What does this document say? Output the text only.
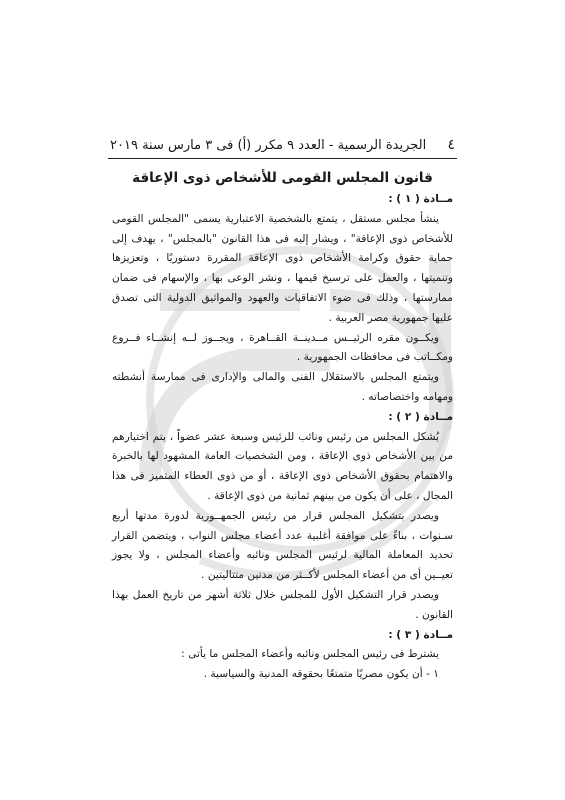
٤
الجريدة الرسمية - العدد ٩ مكرر (أ) فى ٣ مارس سنة ٢٠١٩
قانون المجلس القومى للأشخاص ذوى الإعاقة

مــادة ( ١ ) :

ينشأ مجلس مستقل ، يتمتع بالشخصية الاعتبارية يسمى "المجلس القومى للأشخاص ذوى الإعاقة" ، ويشار إليه فى هذا القانون "بالمجلس" ، يهدف إلى حماية حقوق وكرامة الأشخاص ذوى الإعاقة المقررة دستوريًا ، وتعزيزها وتنميتها ، والعمل على ترسيخ قيمها ، ونشر الوعى بها ، والإسهام فى ضمان ممارستها ، وذلك فى ضوء الاتفاقيات والعهود والمواثيق الدولية التى تصدق عليها جمهورية مصر العربية .

ويكــون مقره الرئيــس مــدينــة القــاهرة ، ويجــوز لــه إنشــاء فــروع ومكــاتب فى محافظات الجمهورية .

ويتمتع المجلس بالاستقلال الفنى والمالى والإدارى فى ممارسة أنشطته ومهامه واختصاصاته .

مــادة ( ٢ ) :

يُشكل المجلس من رئيس ونائب للرئيس وسبعة عشر عضواً ، يتم اختيارهم من بين الأشخاص ذوى الإعاقة ، ومن الشخصيات العامة المشهود لها بالخبرة والاهتمام بحقوق الأشخاص ذوى الإعاقة ، أو من ذوى العطاء المتميز فى هذا المجال ، على أن يكون من بينهم ثمانية من ذوى الإعاقة .

ويصدر بتشكيل المجلس قرار من رئيس الجمهــورية لدورة مدتها أربع سـنوات ، بناءً على موافقة أغلبية عدد أعضاء مجلس النواب ، ويتضمن القرار تحديد المعاملة المالية لرئيس المجلس ونائبه وأعضاء المجلس ، ولا يجوز تعيــين أى من أعضاء المجلس لأكــثر من مدتين متتاليتين .

ويصدر قرار التشكيل الأول للمجلس خلال ثلاثة أشهر من تاريخ العمل بهذا القانون .

مــادة ( ٣ ) :

يشترط فى رئيس المجلس ونائبه وأعضاء المجلس ما يأتى :

١ - أن يكون مصريًا متمتعًا بحقوقه المدنية والسياسية .
